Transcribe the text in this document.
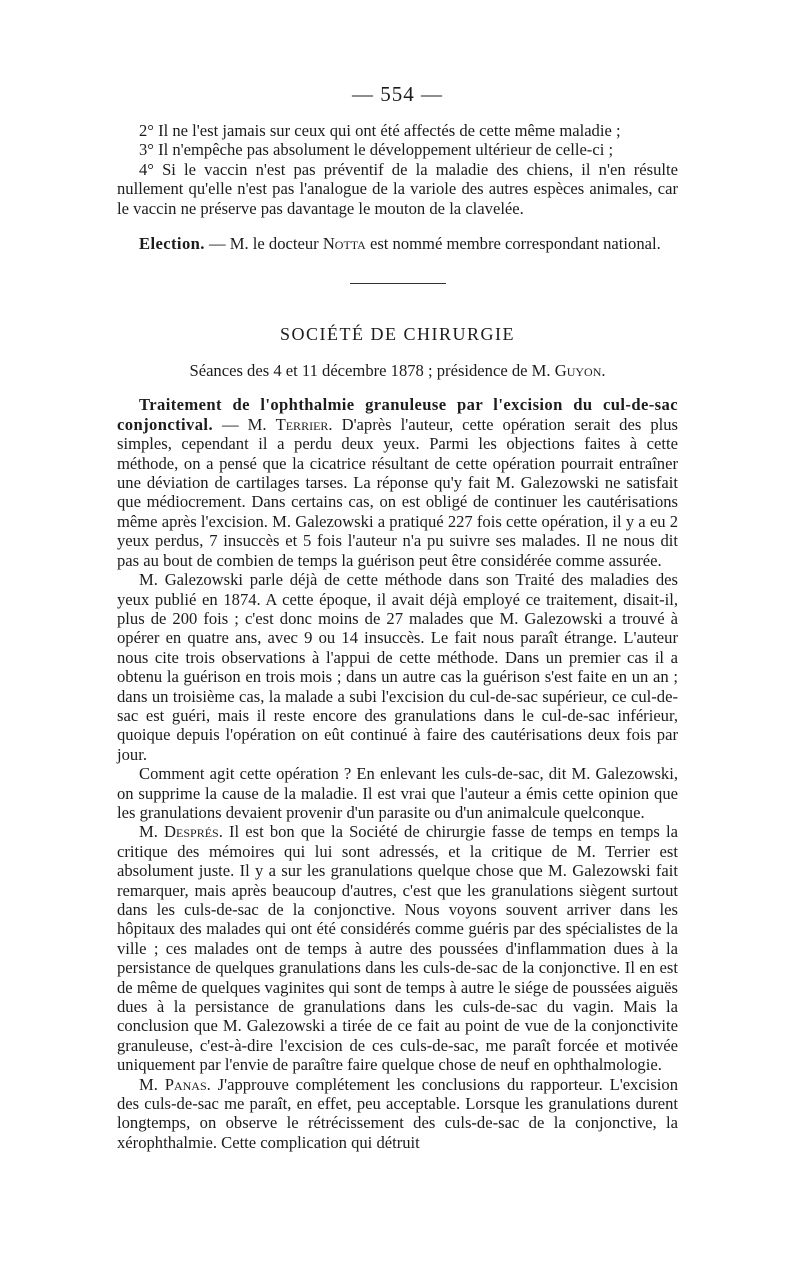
— 554 —

2° Il ne l'est jamais sur ceux qui ont été affectés de cette même maladie ;

3° Il n'empêche pas absolument le développement ultérieur de celle-ci ;

4° Si le vaccin n'est pas préventif de la maladie des chiens, il n'en résulte nullement qu'elle n'est pas l'analogue de la variole des autres espèces animales, car le vaccin ne préserve pas davantage le mouton de la clavelée.

Election. — M. le docteur Notta est nommé membre correspondant national.

SOCIÉTÉ DE CHIRURGIE
Séances des 4 et 11 décembre 1878 ; présidence de M. Guyon.

Traitement de l'ophthalmie granuleuse par l'excision du cul-de-sac conjonctival. — M. Terrier. D'après l'auteur, cette opération serait des plus simples, cependant il a perdu deux yeux. Parmi les objections faites à cette méthode, on a pensé que la cicatrice résultant de cette opération pourrait entraîner une déviation de cartilages tarses. La réponse qu'y fait M. Galezowski ne satisfait que médiocrement. Dans certains cas, on est obligé de continuer les cautérisations même après l'excision. M. Galezowski a pratiqué 227 fois cette opération, il y a eu 2 yeux perdus, 7 insuccès et 5 fois l'auteur n'a pu suivre ses malades. Il ne nous dit pas au bout de combien de temps la guérison peut être considérée comme assurée.

M. Galezowski parle déjà de cette méthode dans son Traité des maladies des yeux publié en 1874. A cette époque, il avait déjà employé ce traitement, disait-il, plus de 200 fois ; c'est donc moins de 27 malades que M. Galezowski a trouvé à opérer en quatre ans, avec 9 ou 14 insuccès. Le fait nous paraît étrange. L'auteur nous cite trois observations à l'appui de cette méthode. Dans un premier cas il a obtenu la guérison en trois mois ; dans un autre cas la guérison s'est faite en un an ; dans un troisième cas, la malade a subi l'excision du cul-de-sac supérieur, ce cul-de-sac est guéri, mais il reste encore des granulations dans le cul-de-sac inférieur, quoique depuis l'opération on eût continué à faire des cautérisations deux fois par jour.

Comment agit cette opération ? En enlevant les culs-de-sac, dit M. Galezowski, on supprime la cause de la maladie. Il est vrai que l'auteur a émis cette opinion que les granulations devaient provenir d'un parasite ou d'un animalcule quelconque.

M. Després. Il est bon que la Société de chirurgie fasse de temps en temps la critique des mémoires qui lui sont adressés, et la critique de M. Terrier est absolument juste. Il y a sur les granulations quelque chose que M. Galezowski fait remarquer, mais après beaucoup d'autres, c'est que les granulations siègent surtout dans les culs-de-sac de la conjonctive. Nous voyons souvent arriver dans les hôpitaux des malades qui ont été considérés comme guéris par des spécialistes de la ville ; ces malades ont de temps à autre des poussées d'inflammation dues à la persistance de quelques granulations dans les culs-de-sac de la conjonctive. Il en est de même de quelques vaginites qui sont de temps à autre le siége de poussées aiguës dues à la persistance de granulations dans les culs-de-sac du vagin. Mais la conclusion que M. Galezowski a tirée de ce fait au point de vue de la conjonctivite granuleuse, c'est-à-dire l'excision de ces culs-de-sac, me paraît forcée et motivée uniquement par l'envie de paraître faire quelque chose de neuf en ophthalmologie.

M. Panas. J'approuve complétement les conclusions du rapporteur. L'excision des culs-de-sac me paraît, en effet, peu acceptable. Lorsque les granulations durent longtemps, on observe le rétrécissement des culs-de-sac de la conjonctive, la xérophthalmie. Cette complication qui détruit
